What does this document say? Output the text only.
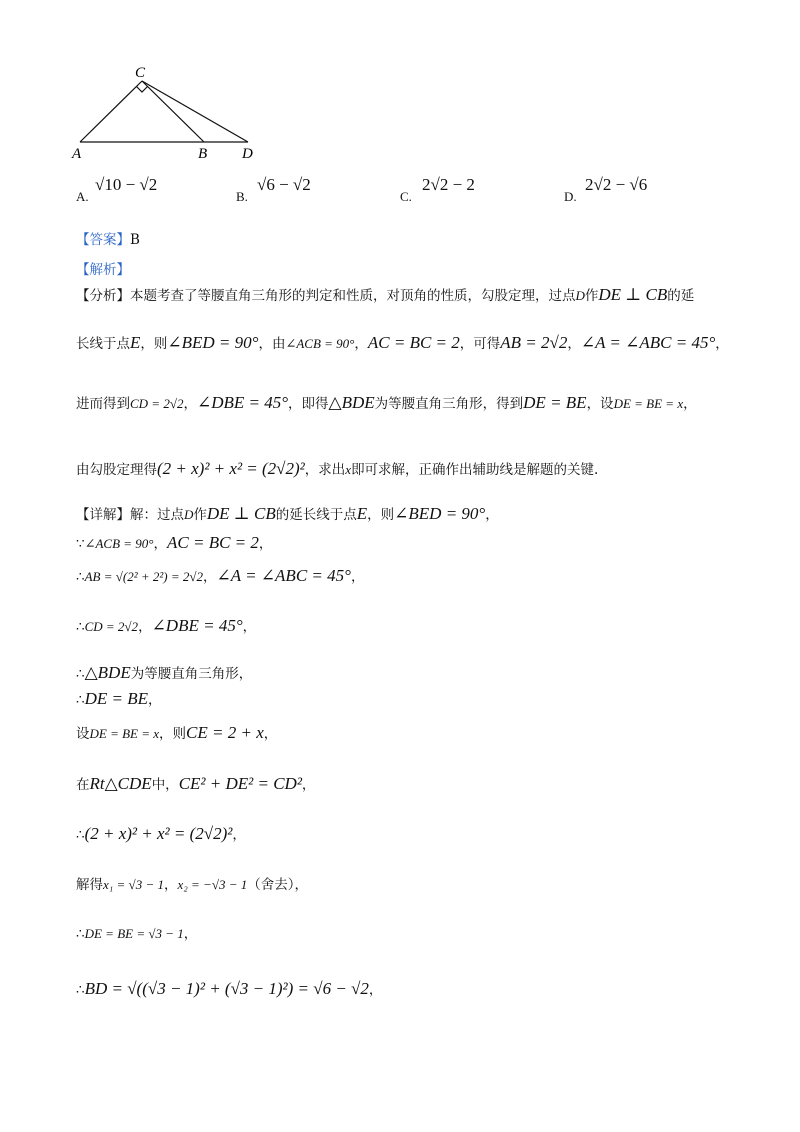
C
A	B D
A.
√10 − √2
B.
√6 − √2
C.
2√2 − 2
D.
2√2 − √6
【答案】B
【解析】
【分析】本题考查了等腰直角三角形的判定和性质，对顶角的性质，勾股定理，过点D作DE ⊥ CB的延
长线于点E，则∠BED = 90°，由∠ACB = 90°，AC = BC = 2，可得AB = 2√2，∠A = ∠ABC = 45°，
进而得到CD = 2√2，∠DBE = 45°，即得△BDE为等腰直角三角形，得到DE = BE，设DE = BE = x，
由勾股定理得(2 + x)² + x² = (2√2)²，求出x即可求解，正确作出辅助线是解题的关键.
【详解】解：过点D作DE ⊥ CB的延长线于点E，则∠BED = 90°，
∵∠ACB = 90°，AC = BC = 2，
∴AB = √(2² + 2²) = 2√2，∠A = ∠ABC = 45°，
∴CD = 2√2，∠DBE = 45°，
∴△BDE为等腰直角三角形，
∴DE = BE，
设DE = BE = x，则CE = 2 + x，
在Rt△CDE中，CE² + DE² = CD²，
∴(2 + x)² + x² = (2√2)²，
解得x₁ = √3 − 1，x₂ = −√3 − 1（舍去），
∴DE = BE = √3 − 1，
∴BD = √((√3 − 1)² + (√3 − 1)²) = √6 − √2，
